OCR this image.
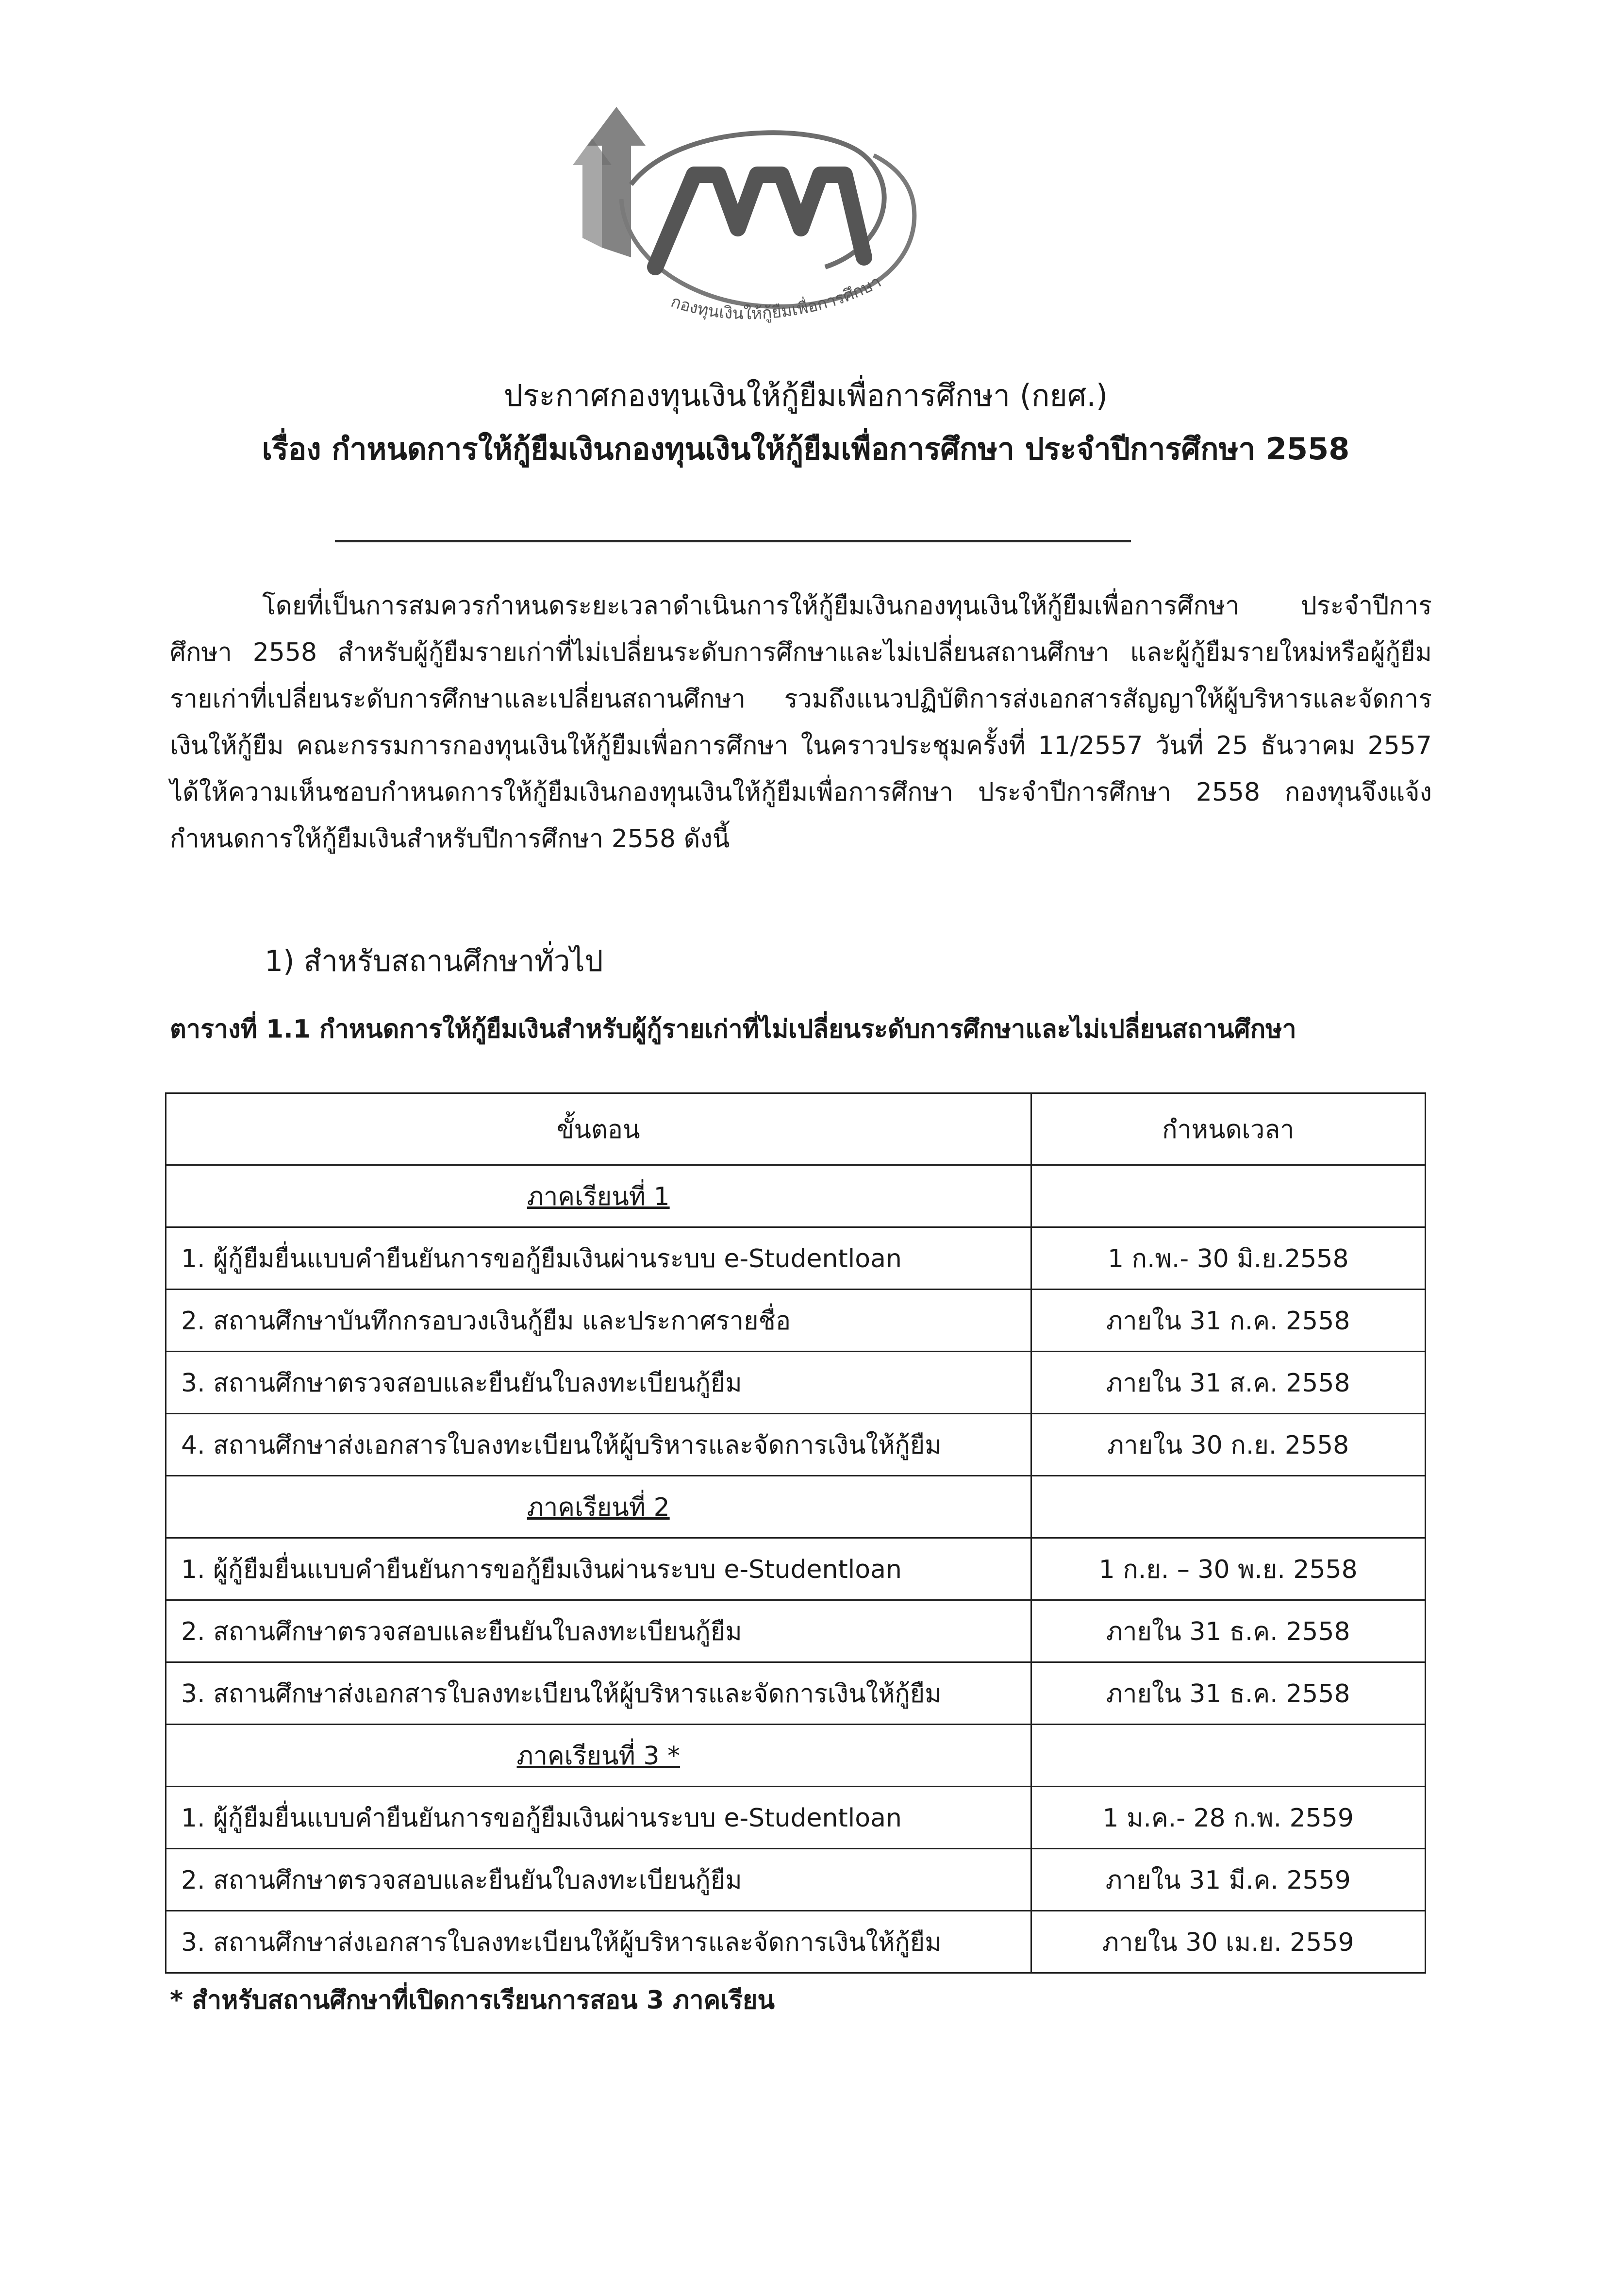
กองทุนเงินให้กู้ยืมเพื่อการศึกษา
ประกาศกองทุนเงินให้กู้ยืมเพื่อการศึกษา (กยศ.)
เรื่อง กำหนดการให้กู้ยืมเงินกองทุนเงินให้กู้ยืมเพื่อการศึกษา ประจำปีการศึกษา 2558

โดยที่เป็นการสมควรกำหนดระยะเวลาดำเนินการให้กู้ยืมเงินกองทุนเงินให้กู้ยืมเพื่อการศึกษา ประจำปีการศึกษา 2558 สำหรับผู้กู้ยืมรายเก่าที่ไม่เปลี่ยนระดับการศึกษาและไม่เปลี่ยนสถานศึกษา และผู้กู้ยืมรายใหม่หรือผู้กู้ยืมรายเก่าที่เปลี่ยนระดับการศึกษาและเปลี่ยนสถานศึกษา รวมถึงแนวปฏิบัติการส่งเอกสารสัญญาให้ผู้บริหารและจัดการเงินให้กู้ยืม คณะกรรมการกองทุนเงินให้กู้ยืมเพื่อการศึกษา ในคราวประชุมครั้งที่ 11/2557 วันที่ 25 ธันวาคม 2557 ได้ให้ความเห็นชอบกำหนดการให้กู้ยืมเงินกองทุนเงินให้กู้ยืมเพื่อการศึกษา ประจำปีการศึกษา 2558 กองทุนจึงแจ้งกำหนดการให้กู้ยืมเงินสำหรับปีการศึกษา 2558 ดังนี้

1) สำหรับสถานศึกษาทั่วไป
ตารางที่ 1.1 กำหนดการให้กู้ยืมเงินสำหรับผู้กู้รายเก่าที่ไม่เปลี่ยนระดับการศึกษาและไม่เปลี่ยนสถานศึกษา
ขั้นตอน	กำหนดเวลา
ภาคเรียนที่ 1	
1. ผู้กู้ยืมยื่นแบบคำยืนยันการขอกู้ยืมเงินผ่านระบบ e-Studentloan	1 ก.พ.- 30 มิ.ย.2558
2. สถานศึกษาบันทึกกรอบวงเงินกู้ยืม และประกาศรายชื่อ	ภายใน 31 ก.ค. 2558
3. สถานศึกษาตรวจสอบและยืนยันใบลงทะเบียนกู้ยืม	ภายใน 31 ส.ค. 2558
4. สถานศึกษาส่งเอกสารใบลงทะเบียนให้ผู้บริหารและจัดการเงินให้กู้ยืม	ภายใน 30 ก.ย. 2558
ภาคเรียนที่ 2	
1. ผู้กู้ยืมยื่นแบบคำยืนยันการขอกู้ยืมเงินผ่านระบบ e-Studentloan	1 ก.ย. – 30 พ.ย. 2558
2. สถานศึกษาตรวจสอบและยืนยันใบลงทะเบียนกู้ยืม	ภายใน 31 ธ.ค. 2558
3. สถานศึกษาส่งเอกสารใบลงทะเบียนให้ผู้บริหารและจัดการเงินให้กู้ยืม	ภายใน 31 ธ.ค. 2558
ภาคเรียนที่ 3 *	
1. ผู้กู้ยืมยื่นแบบคำยืนยันการขอกู้ยืมเงินผ่านระบบ e-Studentloan	1 ม.ค.- 28 ก.พ. 2559
2. สถานศึกษาตรวจสอบและยืนยันใบลงทะเบียนกู้ยืม	ภายใน 31 มี.ค. 2559
3. สถานศึกษาส่งเอกสารใบลงทะเบียนให้ผู้บริหารและจัดการเงินให้กู้ยืม	ภายใน 30 เม.ย. 2559
* สำหรับสถานศึกษาที่เปิดการเรียนการสอน 3 ภาคเรียน
